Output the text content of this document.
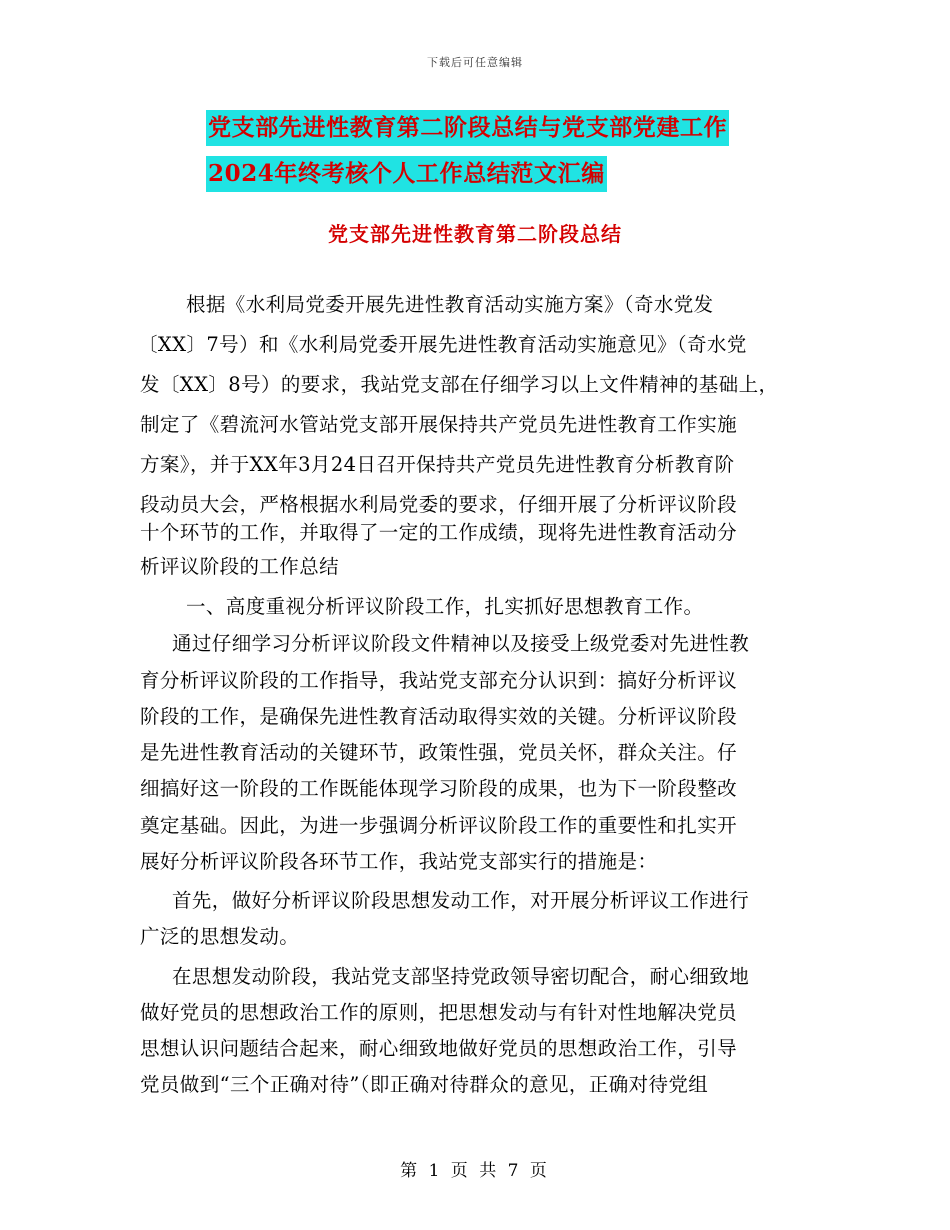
下载后可任意编辑
党支部先进性教育第二阶段总结与党支部党建工作
2024年终考核个人工作总结范文汇编
党支部先进性教育第二阶段总结
根据《水利局党委开展先进性教育活动实施方案》（奇水党发
〔XX〕7号）和《水利局党委开展先进性教育活动实施意见》（奇水党
发〔XX〕8号）的要求，我站党支部在仔细学习以上文件精神的基础上，
制定了《碧流河水管站党支部开展保持共产党员先进性教育工作实施
方案》，并于XX年3月24日召开保持共产党员先进性教育分析教育阶
段动员大会，严格根据水利局党委的要求，仔细开展了分析评议阶段
十个环节的工作，并取得了一定的工作成绩，现将先进性教育活动分
析评议阶段的工作总结
一、高度重视分析评议阶段工作，扎实抓好思想教育工作。
通过仔细学习分析评议阶段文件精神以及接受上级党委对先进性教
育分析评议阶段的工作指导，我站党支部充分认识到：搞好分析评议
阶段的工作，是确保先进性教育活动取得实效的关键。分析评议阶段
是先进性教育活动的关键环节，政策性强，党员关怀，群众关注。仔
细搞好这一阶段的工作既能体现学习阶段的成果，也为下一阶段整改
奠定基础。因此，为进一步强调分析评议阶段工作的重要性和扎实开
展好分析评议阶段各环节工作，我站党支部实行的措施是：
首先，做好分析评议阶段思想发动工作，对开展分析评议工作进行
广泛的思想发动。
在思想发动阶段，我站党支部坚持党政领导密切配合，耐心细致地
做好党员的思想政治工作的原则，把思想发动与有针对性地解决党员
思想认识问题结合起来，耐心细致地做好党员的思想政治工作，引导
党员做到“三个正确对待”（即正确对待群众的意见，正确对待党组
第 1 页 共 7 页
